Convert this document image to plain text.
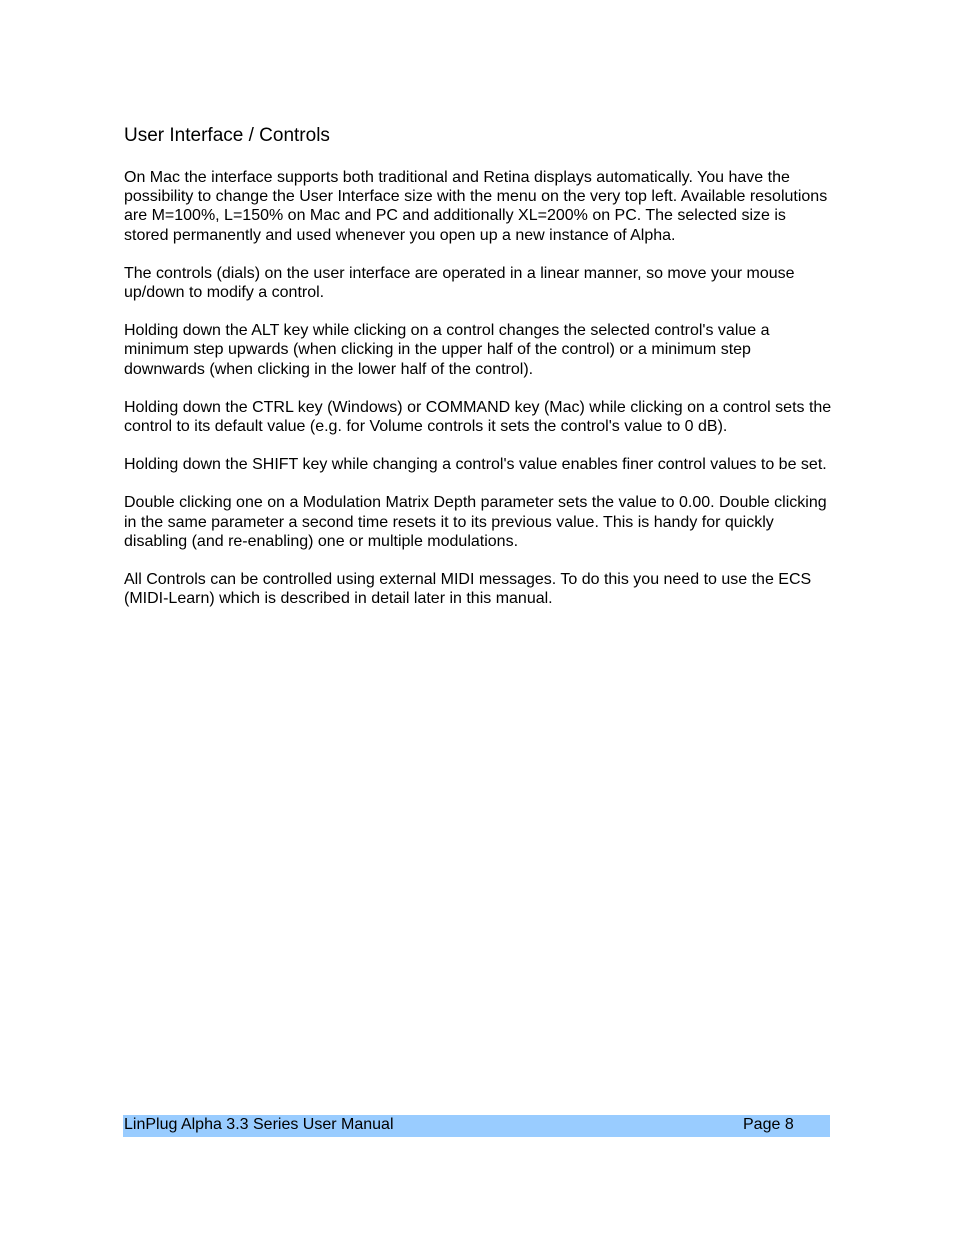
User Interface / Controls

On Mac the interface supports both traditional and Retina displays automatically. You have the possibility to change the User Interface size with the menu on the very top left. Available resolutions are M=100%, L=150% on Mac and PC and additionally XL=200% on PC. The selected size is stored permanently and used whenever you open up a new instance of Alpha.

The controls (dials) on the user interface are operated in a linear manner, so move your mouse up/down to modify a control.

Holding down the ALT key while clicking on a control changes the selected control's value a minimum step upwards (when clicking in the upper half of the control) or a minimum step downwards (when clicking in the lower half of the control).

Holding down the CTRL key (Windows) or COMMAND key (Mac) while clicking on a control sets the control to its default value (e.g. for Volume controls it sets the control's value to 0 dB).

Holding down the SHIFT key while changing a control's value enables finer control values to be set.

Double clicking one on a Modulation Matrix Depth parameter sets the value to 0.00. Double clicking in the same parameter a second time resets it to its previous value. This is handy for quickly disabling (and re-enabling) one or multiple modulations.

All Controls can be controlled using external MIDI messages. To do this you need to use the ECS (MIDI-Learn) which is described in detail later in this manual.

LinPlug Alpha 3.3 Series User Manual	Page 8
